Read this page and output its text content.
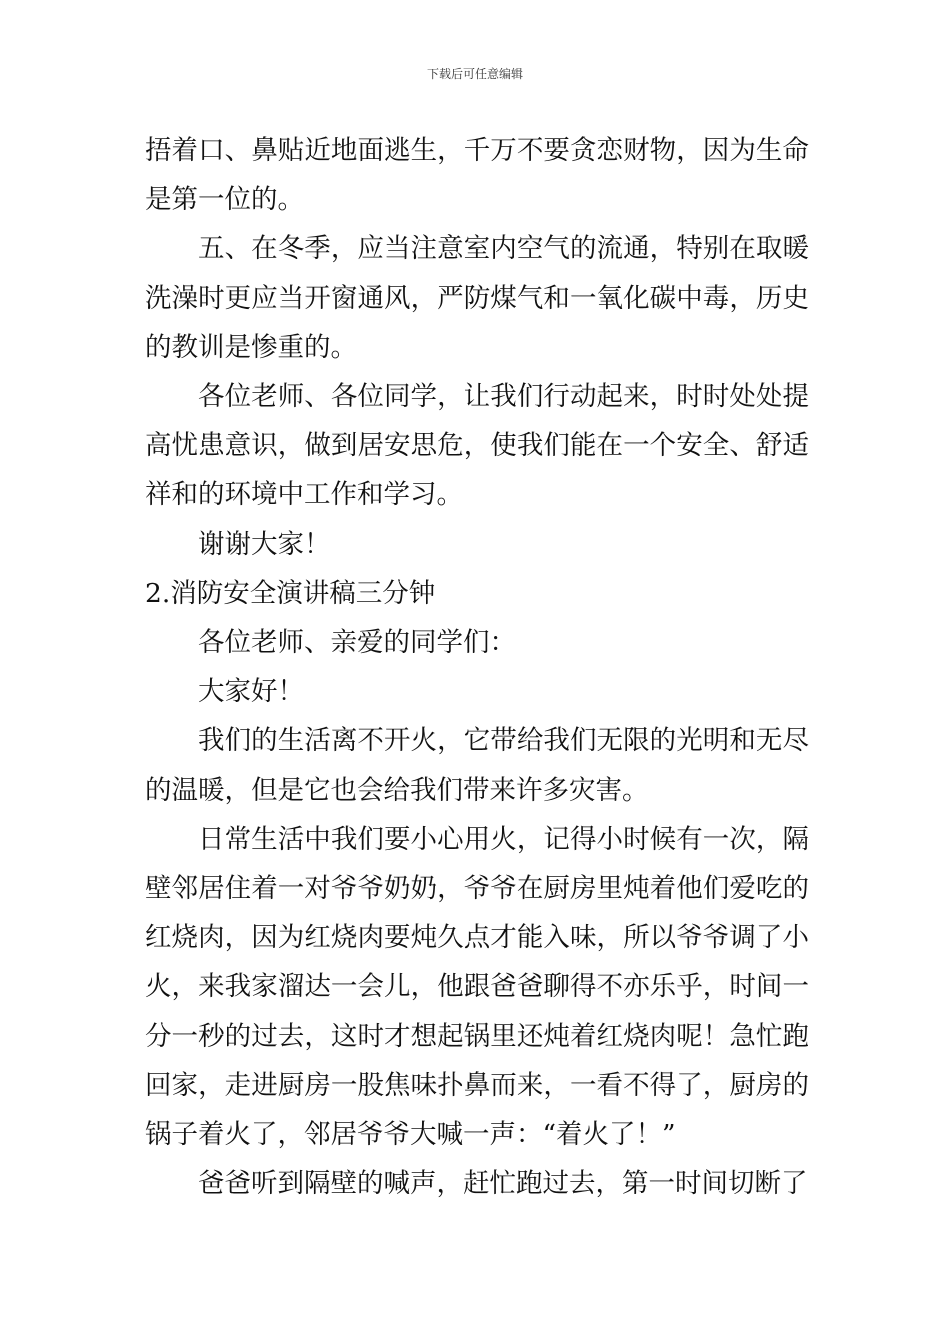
下载后可任意编辑

捂着口、鼻贴近地面逃生，千万不要贪恋财物，因为生命是第一位的。

五、在冬季，应当注意室内空气的流通，特别在取暖洗澡时更应当开窗通风，严防煤气和一氧化碳中毒，历史的教训是惨重的。

各位老师、各位同学，让我们行动起来，时时处处提高忧患意识，做到居安思危，使我们能在一个安全、舒适祥和的环境中工作和学习。

谢谢大家！

2.消防安全演讲稿三分钟

各位老师、亲爱的同学们：

大家好！

我们的生活离不开火，它带给我们无限的光明和无尽的温暖，但是它也会给我们带来许多灾害。

日常生活中我们要小心用火，记得小时候有一次，隔壁邻居住着一对爷爷奶奶，爷爷在厨房里炖着他们爱吃的红烧肉，因为红烧肉要炖久点才能入味，所以爷爷调了小火，来我家溜达一会儿，他跟爸爸聊得不亦乐乎，时间一分一秒的过去，这时才想起锅里还炖着红烧肉呢！急忙跑回家，走进厨房一股焦味扑鼻而来，一看不得了，厨房的锅子着火了，邻居爷爷大喊一声：“着火了！”

爸爸听到隔壁的喊声，赶忙跑过去，第一时间切断了
